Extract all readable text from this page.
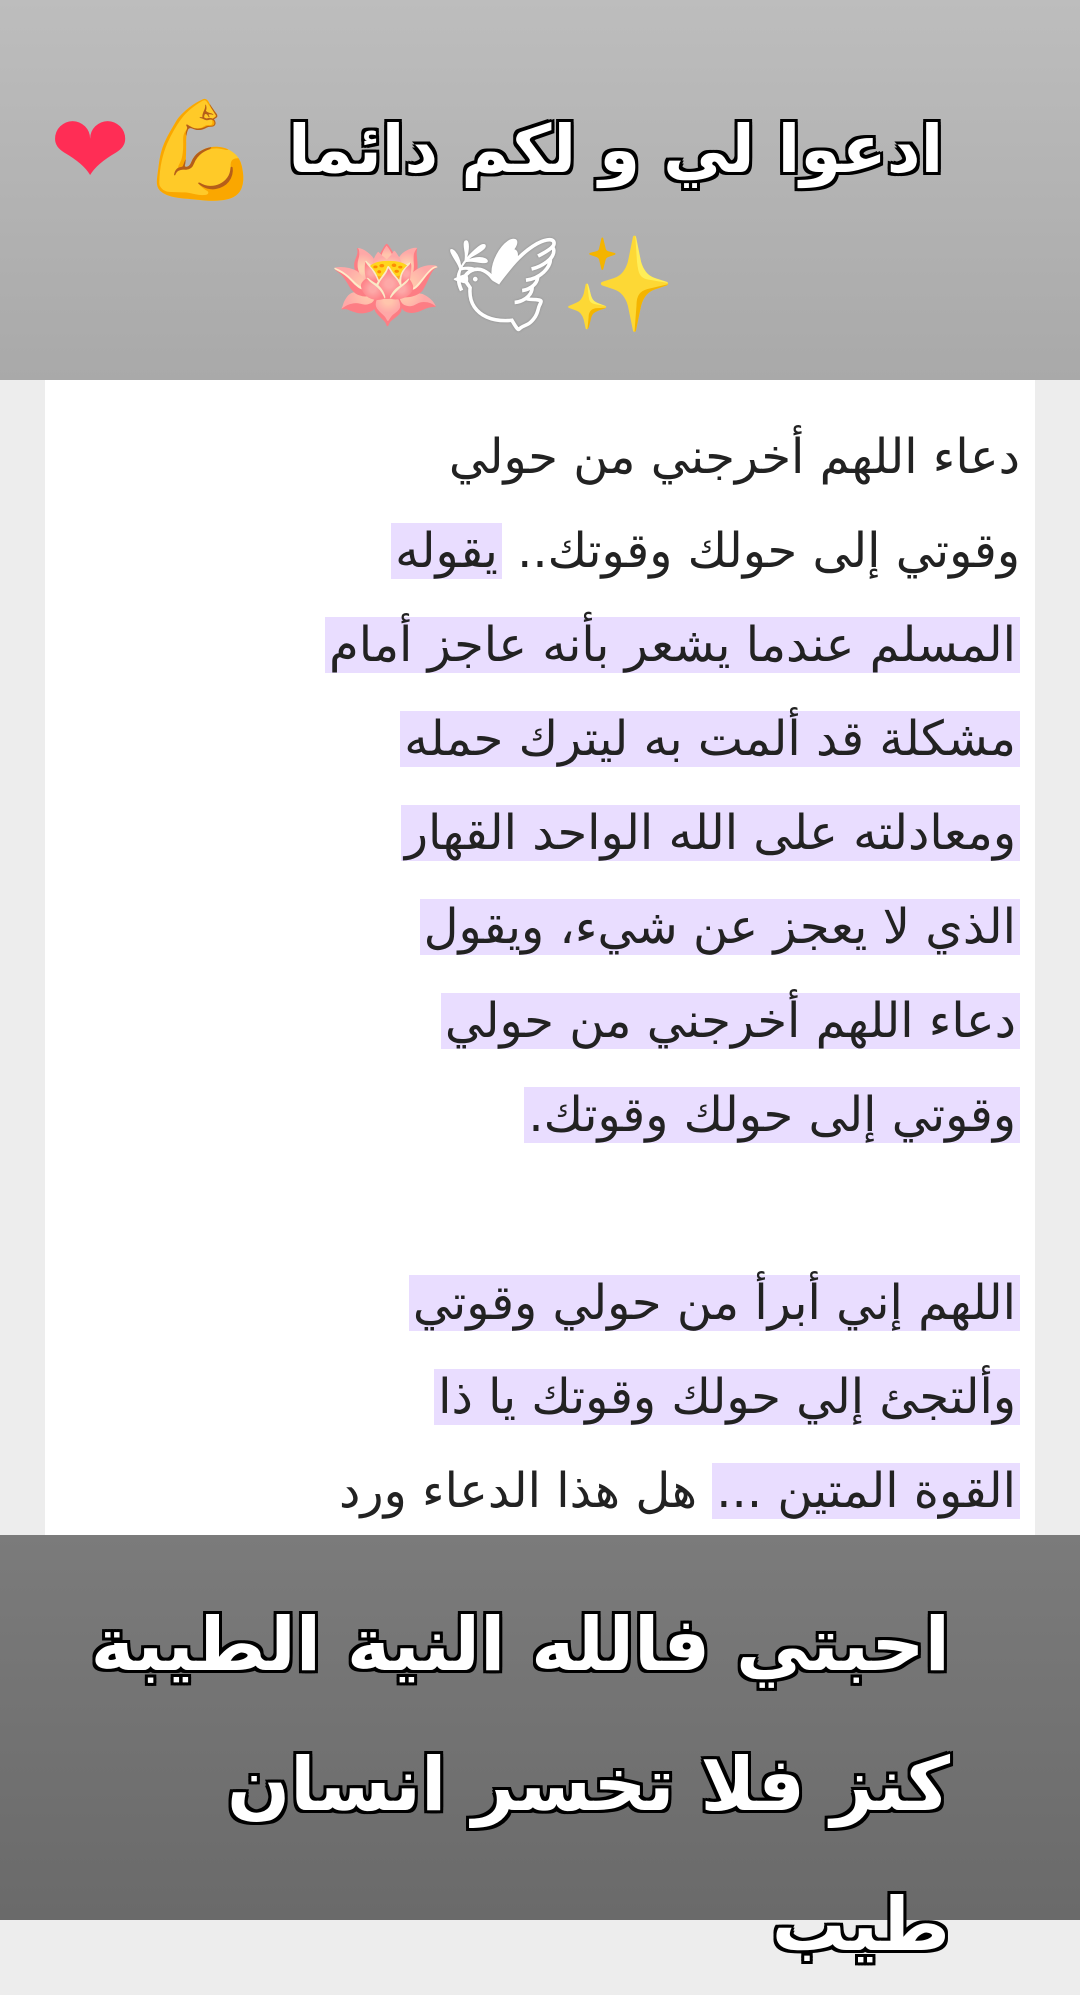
❤ 💪 ادعوا لي و لكم دائما
🪷 🕊 ✨
دعاء اللهم أخرجني من حولي
وقوتي إلى حولك وقوتك.. يقوله
المسلم عندما يشعر بأنه عاجز أمام
مشكلة قد ألمت به ليترك حمله
ومعادلته على الله الواحد القهار
الذي لا يعجز عن شيء، ويقول
دعاء اللهم أخرجني من حولي
وقوتي إلى حولك وقوتك.
اللهم إني أبرأ من حولي وقوتي
وألتجئ إلي حولك وقوتك يا ذا
القوة المتين ... هل هذا الدعاء ورد
احبتي فالله النية الطيبة
كنز فلا تخسر انسان طيب
